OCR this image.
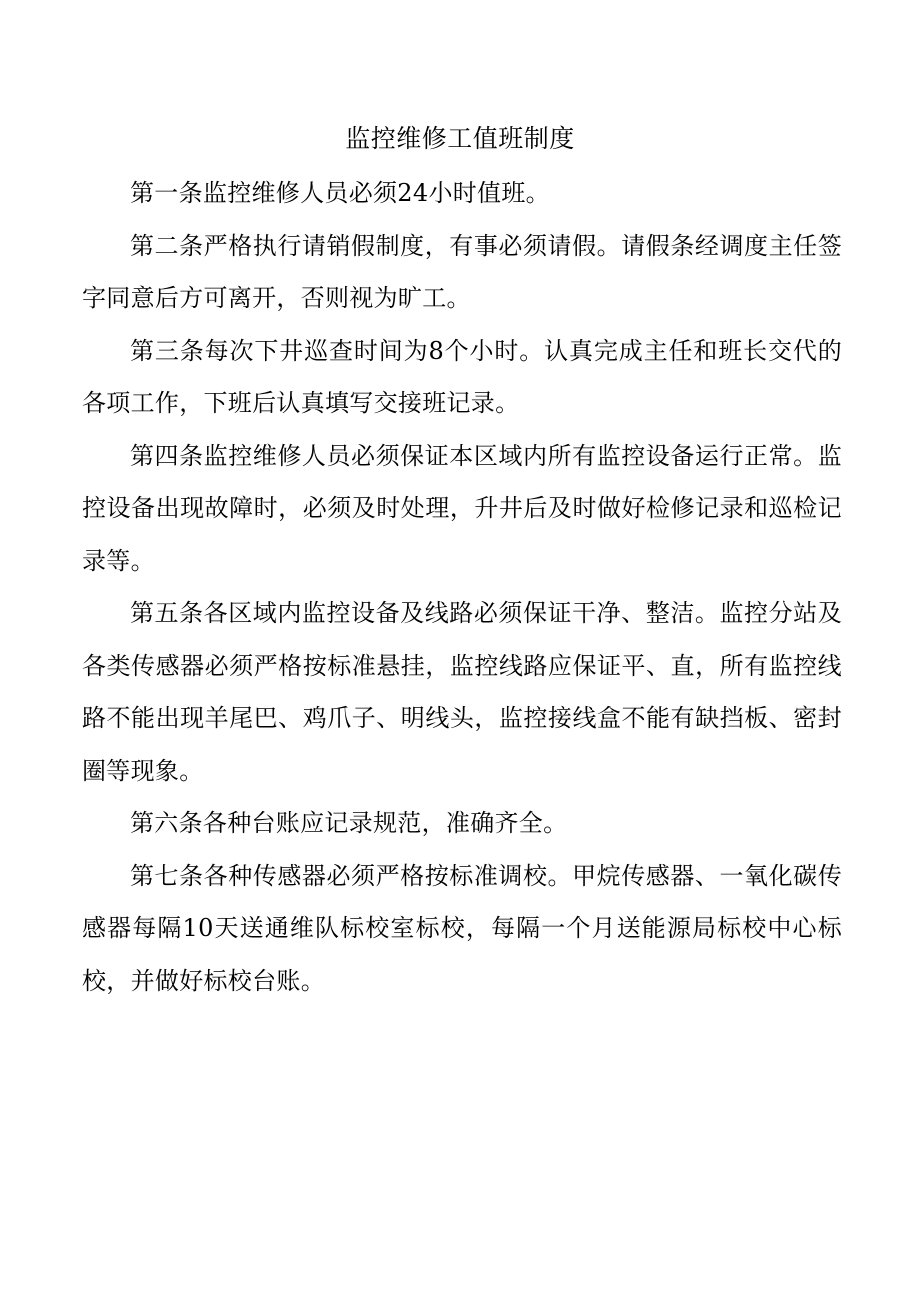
监控维修工值班制度

第一条监控维修人员必须24小时值班。

第二条严格执行请销假制度，有事必须请假。请假条经调度主任签字同意后方可离开，否则视为旷工。

第三条每次下井巡查时间为8个小时。认真完成主任和班长交代的各项工作，下班后认真填写交接班记录。

第四条监控维修人员必须保证本区域内所有监控设备运行正常。监控设备出现故障时，必须及时处理，升井后及时做好检修记录和巡检记录等。

第五条各区域内监控设备及线路必须保证干净、整洁。监控分站及各类传感器必须严格按标准悬挂，监控线路应保证平、直，所有监控线路不能出现羊尾巴、鸡爪子、明线头，监控接线盒不能有缺挡板、密封圈等现象。

第六条各种台账应记录规范，准确齐全。

第七条各种传感器必须严格按标准调校。甲烷传感器、一氧化碳传感器每隔10天送通维队标校室标校，每隔一个月送能源局标校中心标校，并做好标校台账。
